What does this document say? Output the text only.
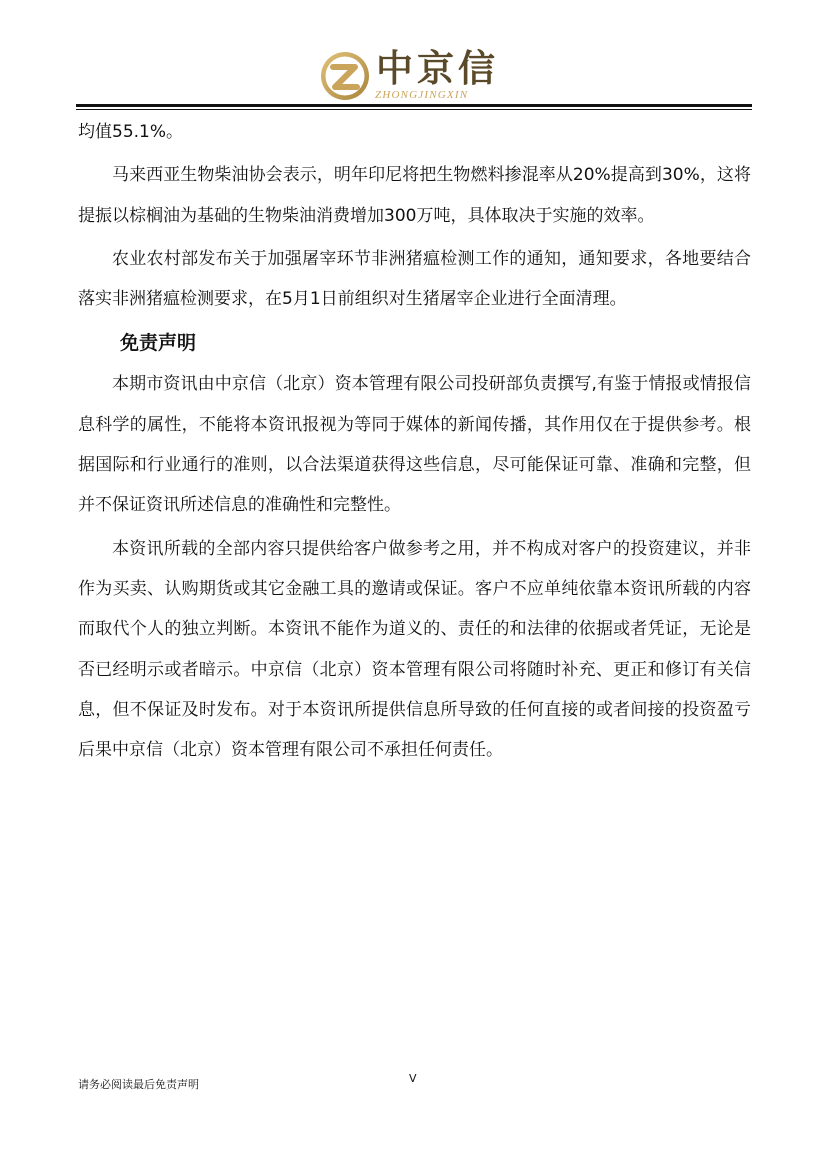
中京信
ZHONGJINGXIN

均值55.1%。

马来西亚生物柴油协会表示，明年印尼将把生物燃料掺混率从20%提高到30%，这将提振以棕榈油为基础的生物柴油消费增加300万吨，具体取决于实施的效率。

农业农村部发布关于加强屠宰环节非洲猪瘟检测工作的通知，通知要求，各地要结合落实非洲猪瘟检测要求，在5月1日前组织对生猪屠宰企业进行全面清理。

免责声明

本期市资讯由中京信（北京）资本管理有限公司投研部负责撰写,有鉴于情报或情报信息科学的属性，不能将本资讯报视为等同于媒体的新闻传播，其作用仅在于提供参考。根据国际和行业通行的准则，以合法渠道获得这些信息，尽可能保证可靠、准确和完整，但并不保证资讯所述信息的准确性和完整性。

本资讯所载的全部内容只提供给客户做参考之用，并不构成对客户的投资建议，并非作为买卖、认购期货或其它金融工具的邀请或保证。客户不应单纯依靠本资讯所载的内容而取代个人的独立判断。本资讯不能作为道义的、责任的和法律的依据或者凭证，无论是否已经明示或者暗示。中京信（北京）资本管理有限公司将随时补充、更正和修订有关信息，但不保证及时发布。对于本资讯所提供信息所导致的任何直接的或者间接的投资盈亏后果中京信（北京）资本管理有限公司不承担任何责任。

请务必阅读最后免责声明	V
